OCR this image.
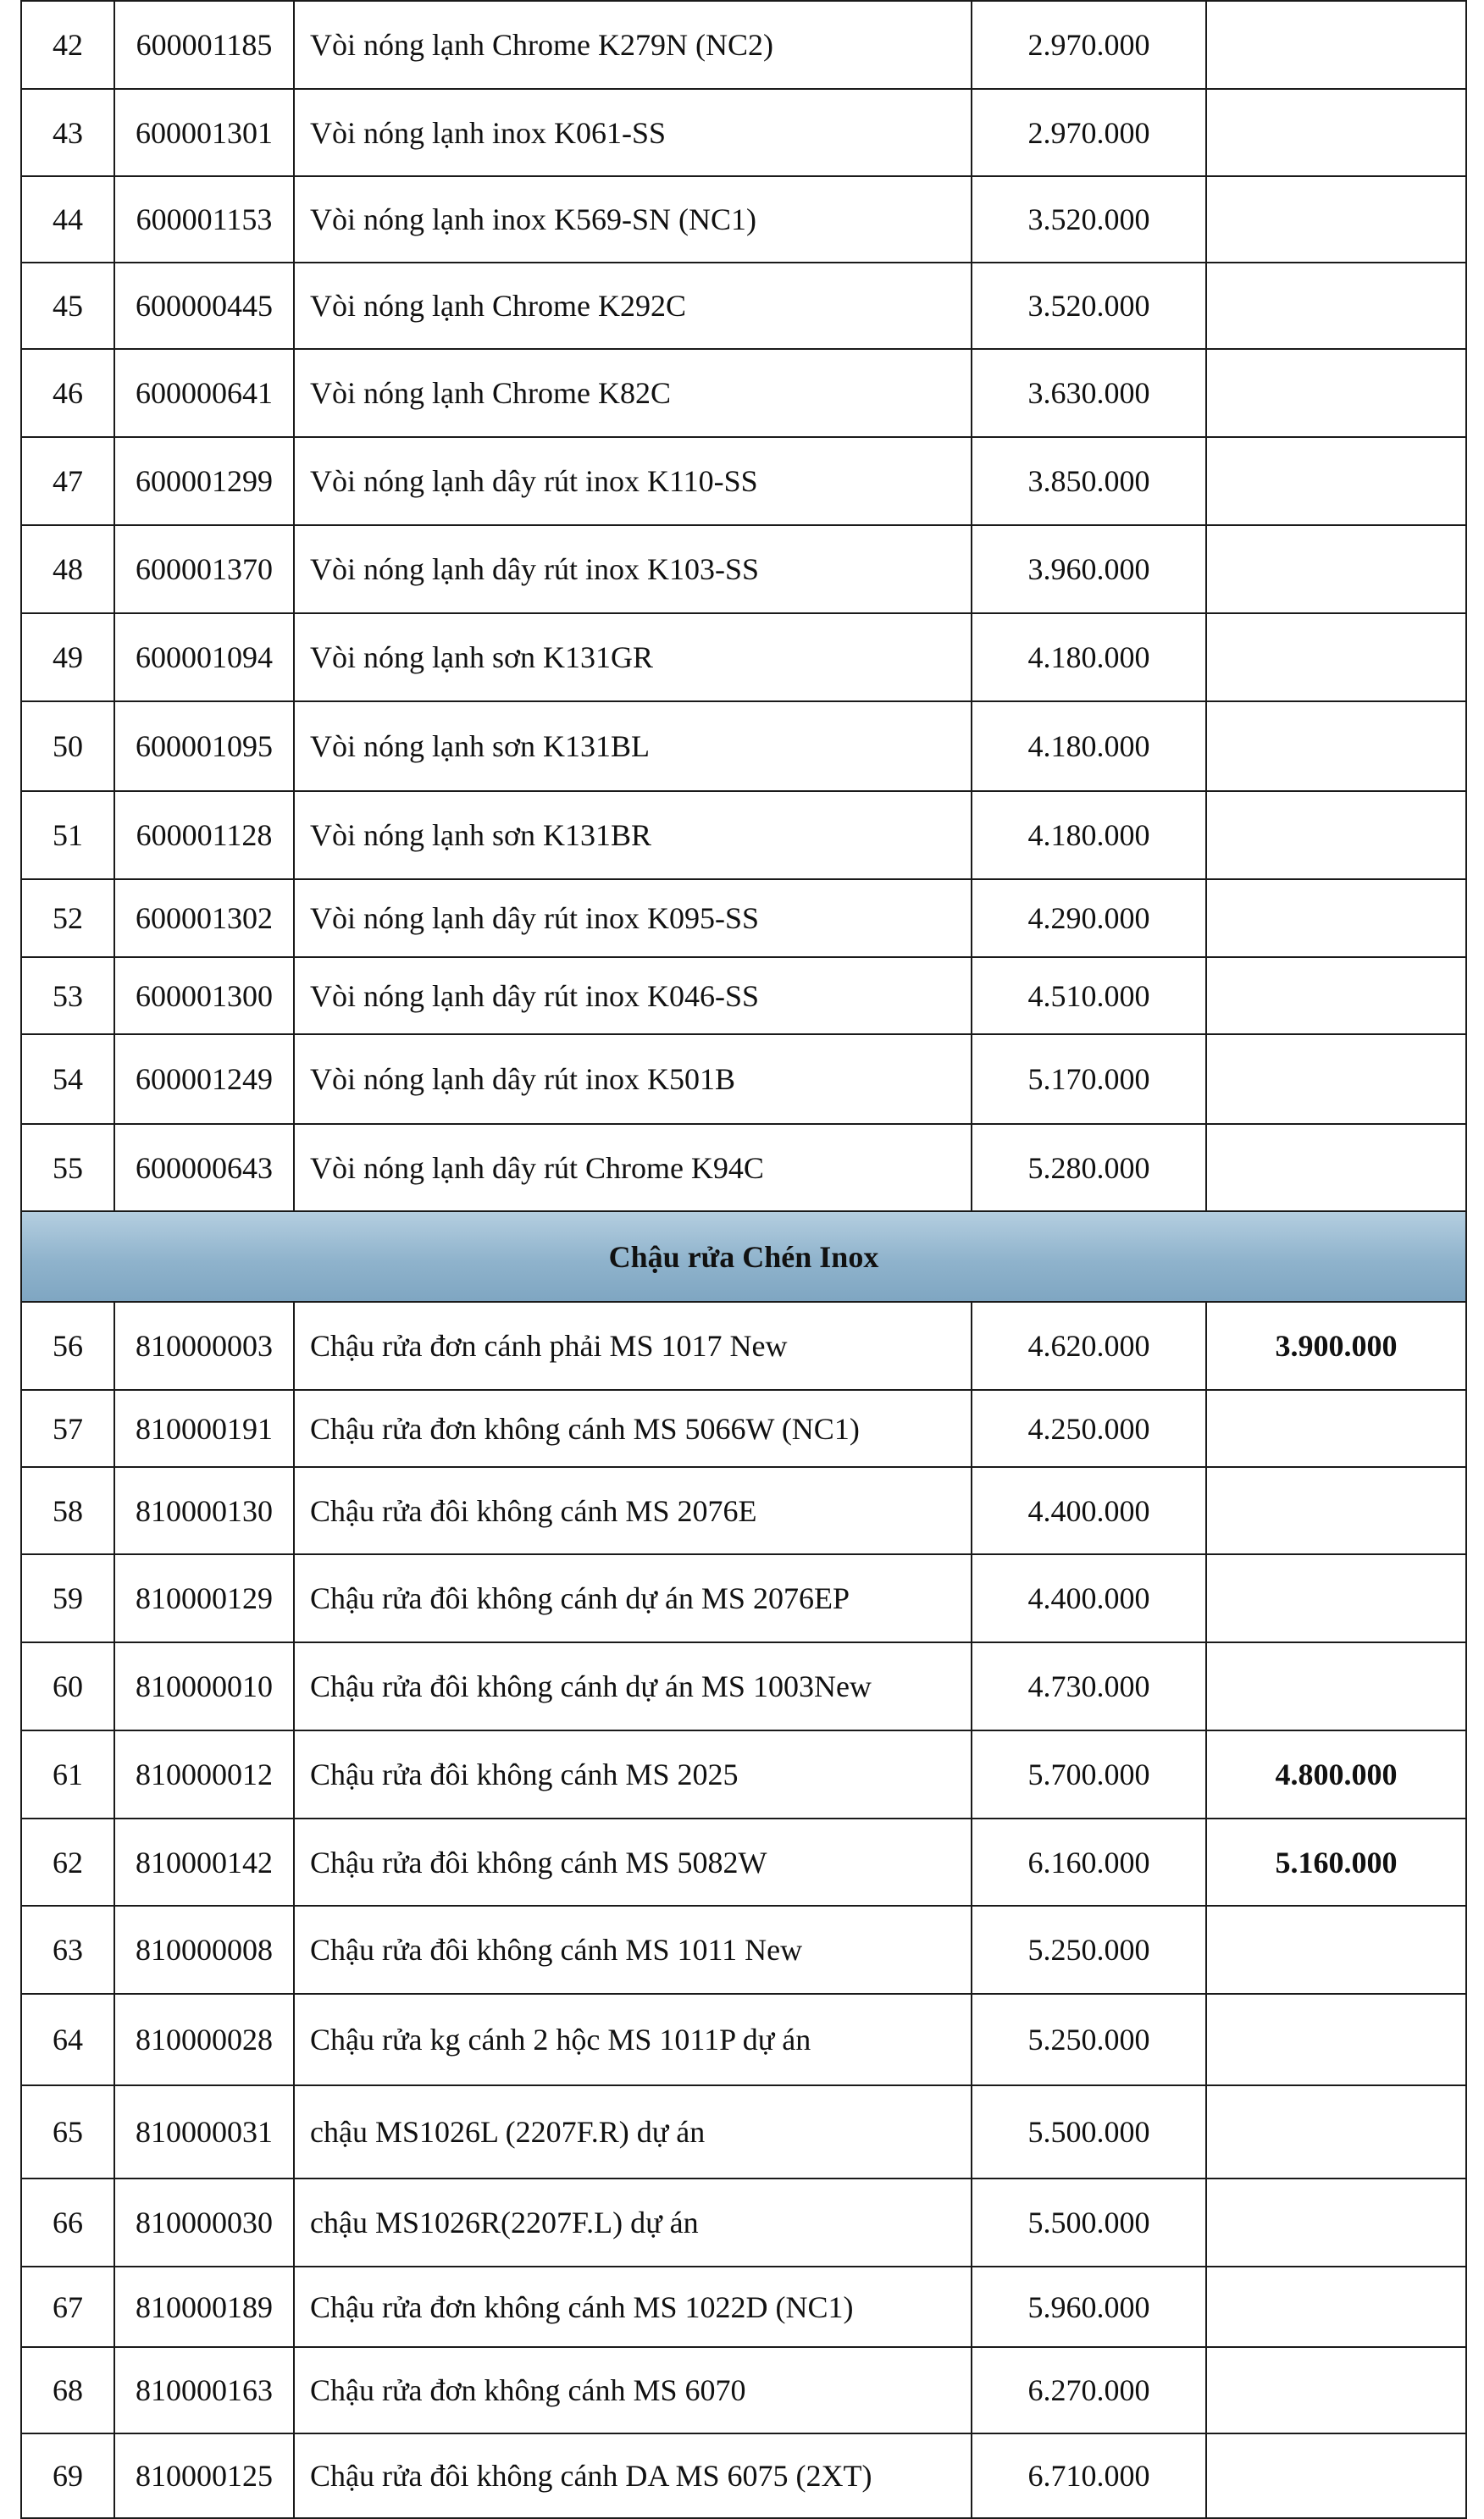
42	600001185	Vòi nóng lạnh Chrome K279N (NC2)	2.970.000	
43	600001301	Vòi nóng lạnh inox K061-SS	2.970.000	
44	600001153	Vòi nóng lạnh inox K569-SN (NC1)	3.520.000	
45	600000445	Vòi nóng lạnh Chrome K292C	3.520.000	
46	600000641	Vòi nóng lạnh Chrome K82C	3.630.000	
47	600001299	Vòi nóng lạnh dây rút inox K110-SS	3.850.000	
48	600001370	Vòi nóng lạnh dây rút inox K103-SS	3.960.000	
49	600001094	Vòi nóng lạnh sơn K131GR	4.180.000	
50	600001095	Vòi nóng lạnh sơn K131BL	4.180.000	
51	600001128	Vòi nóng lạnh sơn K131BR	4.180.000	
52	600001302	Vòi nóng lạnh dây rút inox K095-SS	4.290.000	
53	600001300	Vòi nóng lạnh dây rút inox K046-SS	4.510.000	
54	600001249	Vòi nóng lạnh dây rút inox K501B	5.170.000	
55	600000643	Vòi nóng lạnh dây rút Chrome K94C	5.280.000	
Chậu rửa Chén Inox				
56	810000003	Chậu rửa đơn cánh phải MS 1017 New	4.620.000	3.900.000
57	810000191	Chậu rửa đơn không cánh MS 5066W (NC1)	4.250.000	
58	810000130	Chậu rửa đôi không cánh MS 2076E	4.400.000	
59	810000129	Chậu rửa đôi không cánh dự án MS 2076EP	4.400.000	
60	810000010	Chậu rửa đôi không cánh dự án MS 1003New	4.730.000	
61	810000012	Chậu rửa đôi không cánh MS 2025	5.700.000	4.800.000
62	810000142	Chậu rửa đôi không cánh MS 5082W	6.160.000	5.160.000
63	810000008	Chậu rửa đôi không cánh MS 1011 New	5.250.000	
64	810000028	Chậu rửa kg cánh 2 hộc MS 1011P dự án	5.250.000	
65	810000031	chậu MS1026L (2207F.R) dự án	5.500.000	
66	810000030	chậu MS1026R(2207F.L) dự án	5.500.000	
67	810000189	Chậu rửa đơn không cánh MS 1022D (NC1)	5.960.000	
68	810000163	Chậu rửa đơn không cánh MS 6070	6.270.000	
69	810000125	Chậu rửa đôi không cánh DA MS 6075 (2XT)	6.710.000	
